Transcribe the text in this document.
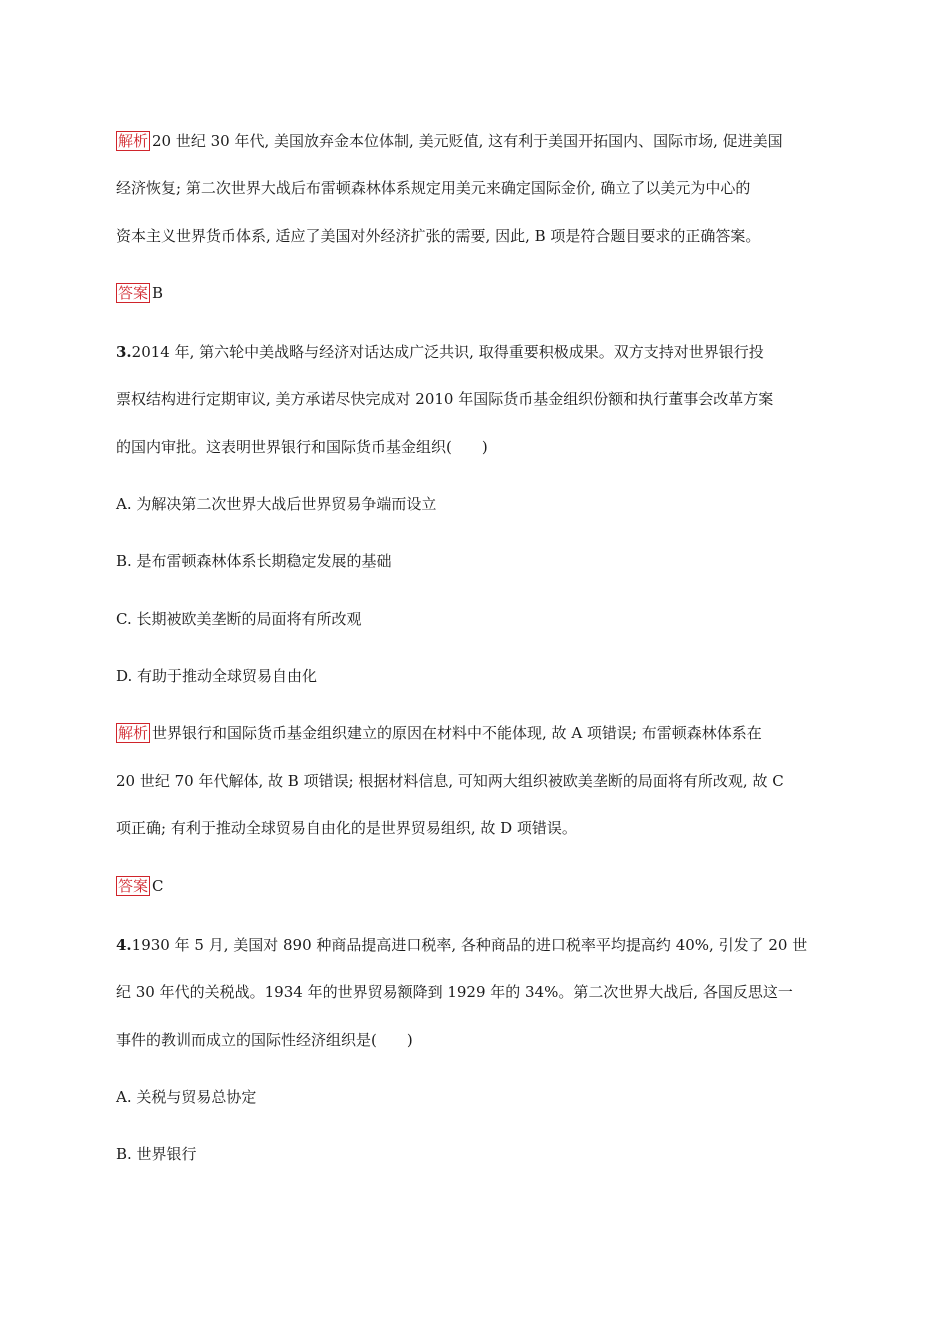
解析 20 世纪 30 年代, 美国放弃金本位体制, 美元贬值, 这有利于美国开拓国内、国际市场, 促进美国
经济恢复; 第二次世界大战后布雷顿森林体系规定用美元来确定国际金价, 确立了以美元为中心的
资本主义世界货币体系, 适应了美国对外经济扩张的需要, 因此, B 项是符合题目要求的正确答案。
答案 B
3.2014 年, 第六轮中美战略与经济对话达成广泛共识, 取得重要积极成果。双方支持对世界银行投
票权结构进行定期审议, 美方承诺尽快完成对 2010 年国际货币基金组织份额和执行董事会改革方案
的国内审批。这表明世界银行和国际货币基金组织(　　)
A. 为解决第二次世界大战后世界贸易争端而设立
B. 是布雷顿森林体系长期稳定发展的基础
C. 长期被欧美垄断的局面将有所改观
D. 有助于推动全球贸易自由化
解析 世界银行和国际货币基金组织建立的原因在材料中不能体现, 故 A 项错误; 布雷顿森林体系在
20 世纪 70 年代解体, 故 B 项错误; 根据材料信息, 可知两大组织被欧美垄断的局面将有所改观, 故 C
项正确; 有利于推动全球贸易自由化的是世界贸易组织, 故 D 项错误。
答案 C
4.1930 年 5 月, 美国对 890 种商品提高进口税率, 各种商品的进口税率平均提高约 40%, 引发了 20 世
纪 30 年代的关税战。1934 年的世界贸易额降到 1929 年的 34%。第二次世界大战后, 各国反思这一
事件的教训而成立的国际性经济组织是(　　)
A. 关税与贸易总协定
B. 世界银行
